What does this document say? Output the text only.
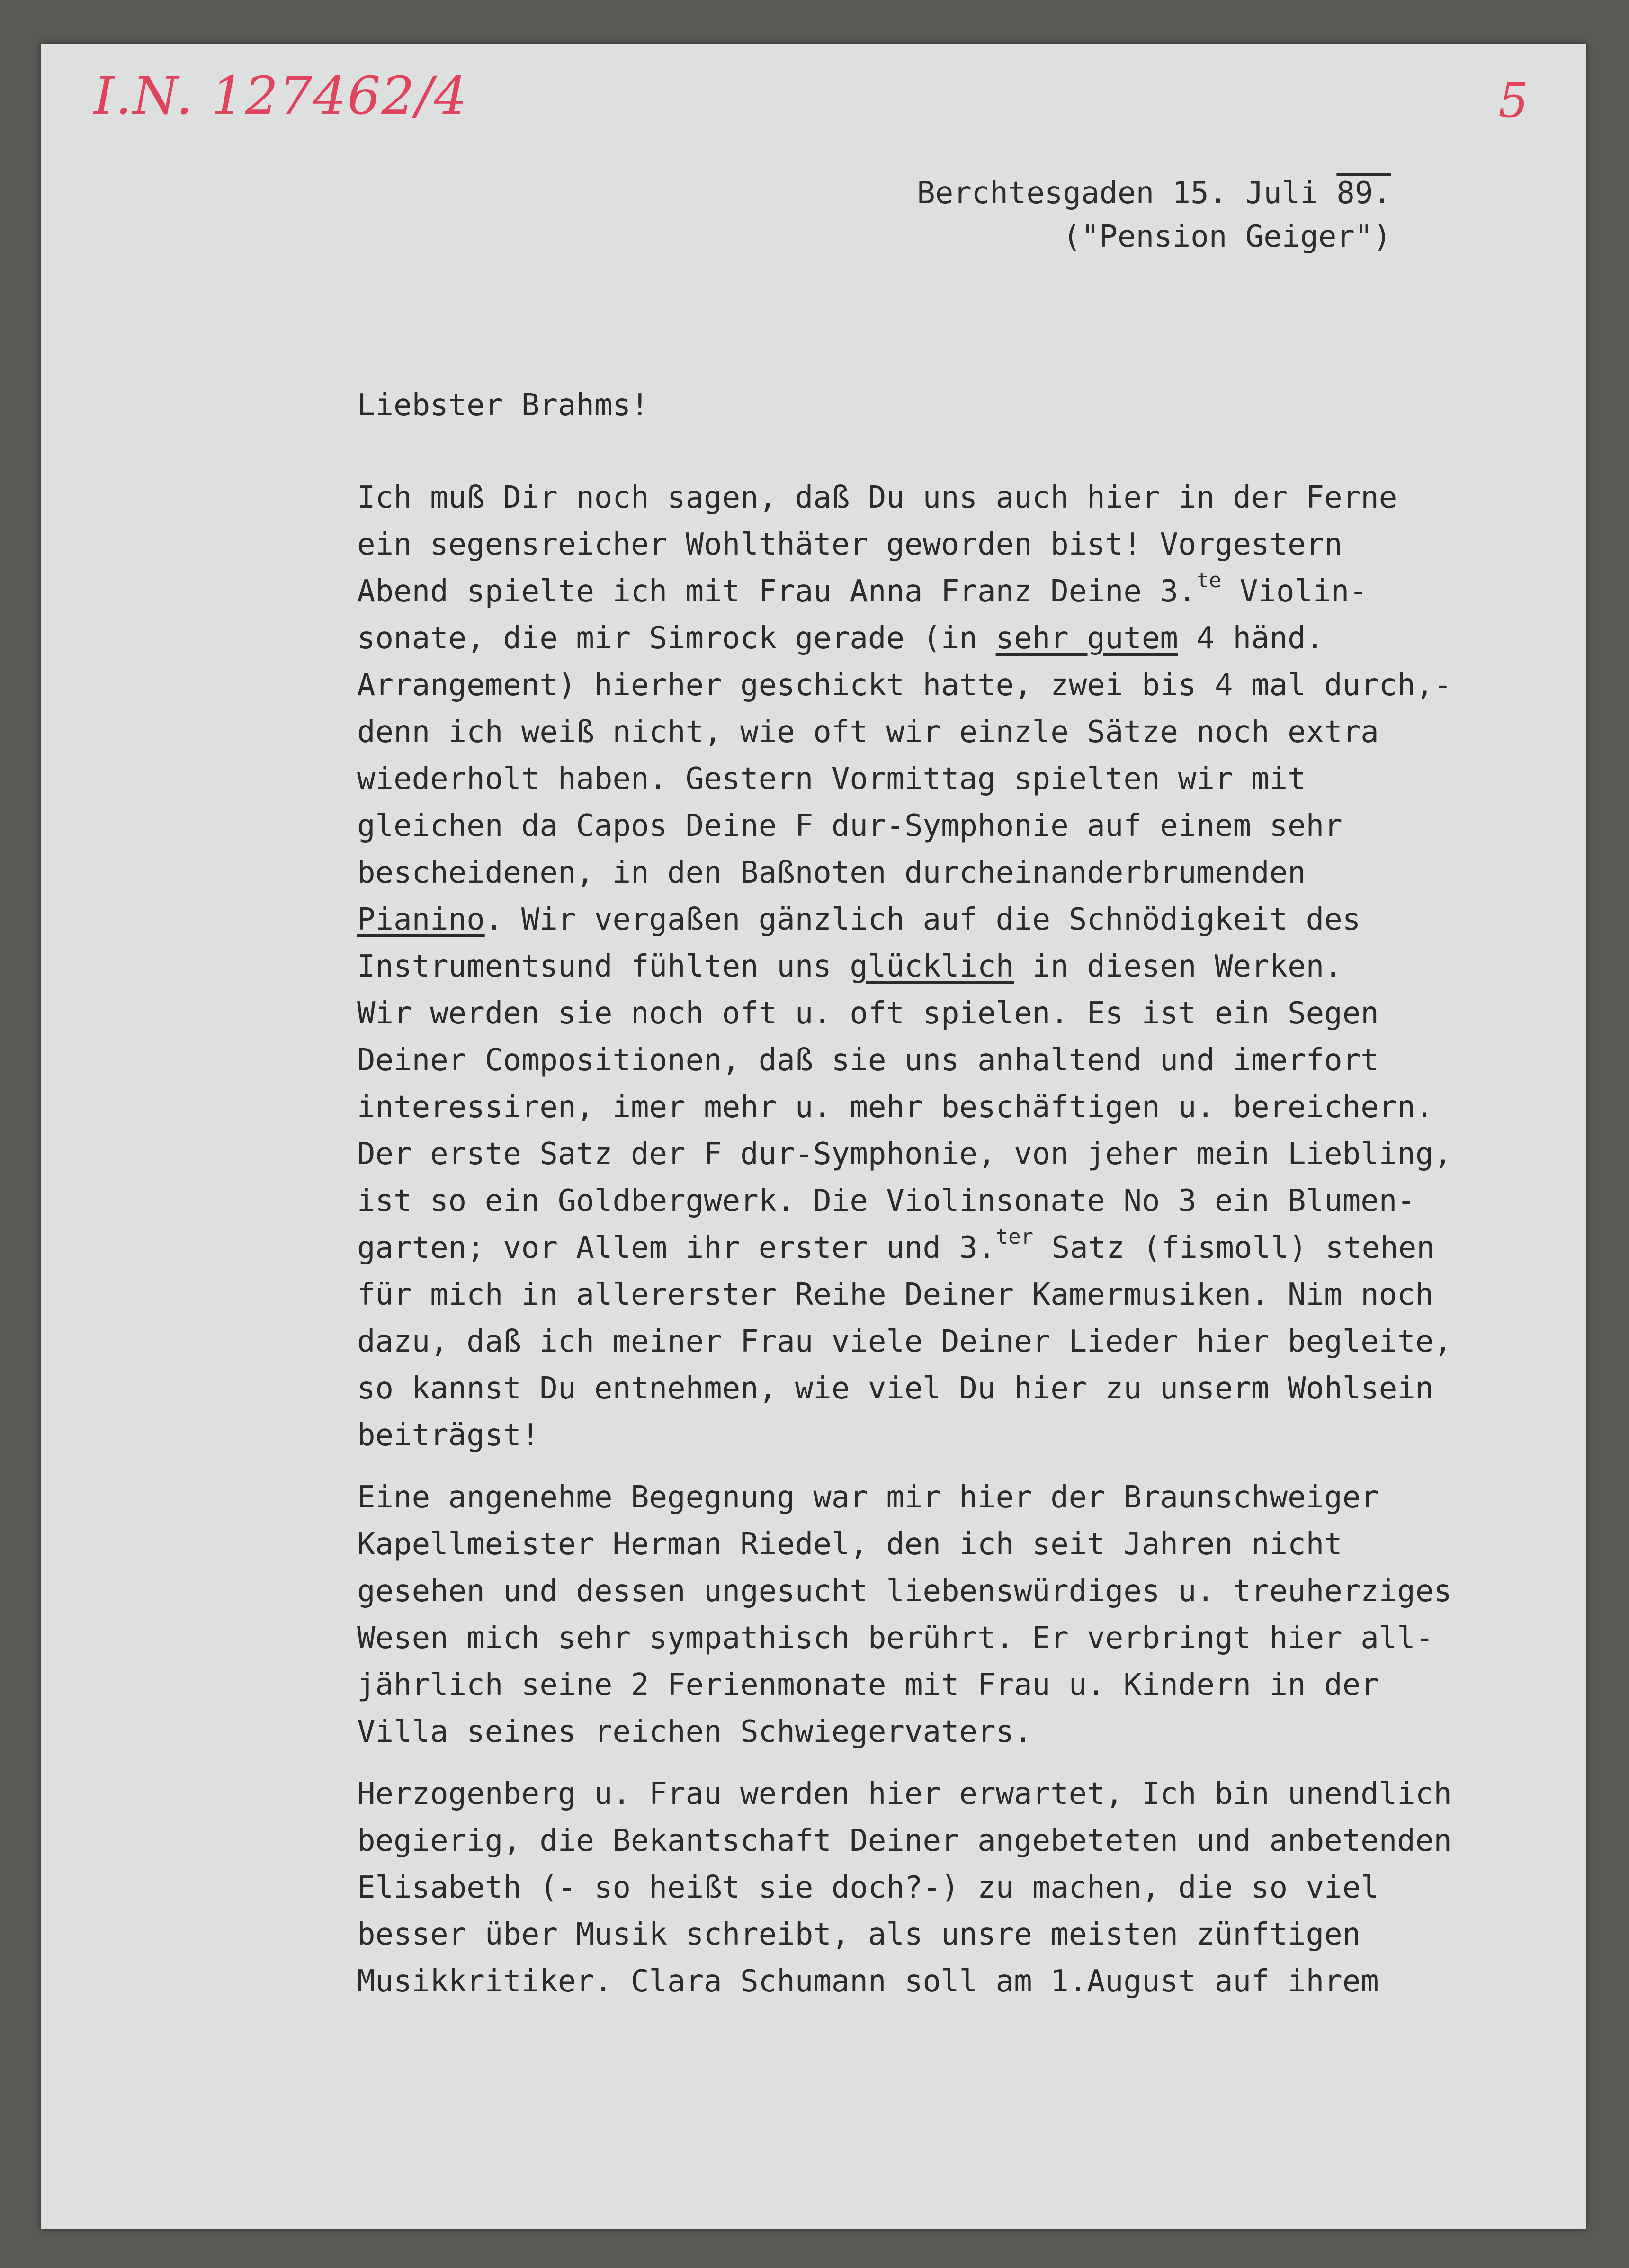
I.N. 127462/4	5
Berchtesgaden 15. Juli 89.
("Pension Geiger")
Liebster Brahms!
Ich muß Dir noch sagen, daß Du uns auch hier in der Ferne
ein segensreicher Wohlthäter geworden bist! Vorgestern
Abend spielte ich mit Frau Anna Franz Deine 3.$^{te}$ Violin-
sonate, die mir Simrock gerade (in sehr gutem 4 händ.
Arrangement) hierher geschickt hatte, zwei bis 4 mal durch,-
denn ich weiß nicht, wie oft wir einzle Sätze noch extra
wiederholt haben. Gestern Vormittag spielten wir mit
gleichen da Capos Deine F dur-Symphonie auf einem sehr
bescheidenen, in den Baßnoten durcheinanderbrumenden
Pianino. Wir vergaßen gänzlich auf die Schnödigkeit des
Instrumentsund fühlten uns glücklich in diesen Werken.
Wir werden sie noch oft u. oft spielen. Es ist ein Segen
Deiner Compositionen, daß sie uns anhaltend und imerfort
interessiren, imer mehr u. mehr beschäftigen u. bereichern.
Der erste Satz der F dur-Symphonie, von jeher mein Liebling,
ist so ein Goldbergwerk. Die Violinsonate No 3 ein Blumen-
garten; vor Allem ihr erster und 3.$^{ter}$ Satz (fismoll) stehen
für mich in allererster Reihe Deiner Kamermusiken. Nim noch
dazu, daß ich meiner Frau viele Deiner Lieder hier begleite,
so kannst Du entnehmen, wie viel Du hier zu unserm Wohlsein
beiträgst!
Eine angenehme Begegnung war mir hier der Braunschweiger
Kapellmeister Herman Riedel, den ich seit Jahren nicht
gesehen und dessen ungesucht liebenswürdiges u. treuherziges
Wesen mich sehr sympathisch berührt. Er verbringt hier all-
jährlich seine 2 Ferienmonate mit Frau u. Kindern in der
Villa seines reichen Schwiegervaters.
Herzogenberg u. Frau werden hier erwartet, Ich bin unendlich
begierig, die Bekantschaft Deiner angebeteten und anbetenden
Elisabeth (- so heißt sie doch?-) zu machen, die so viel
besser über Musik schreibt, als unsre meisten zünftigen
Musikkritiker. Clara Schumann soll am 1.August auf ihrem
